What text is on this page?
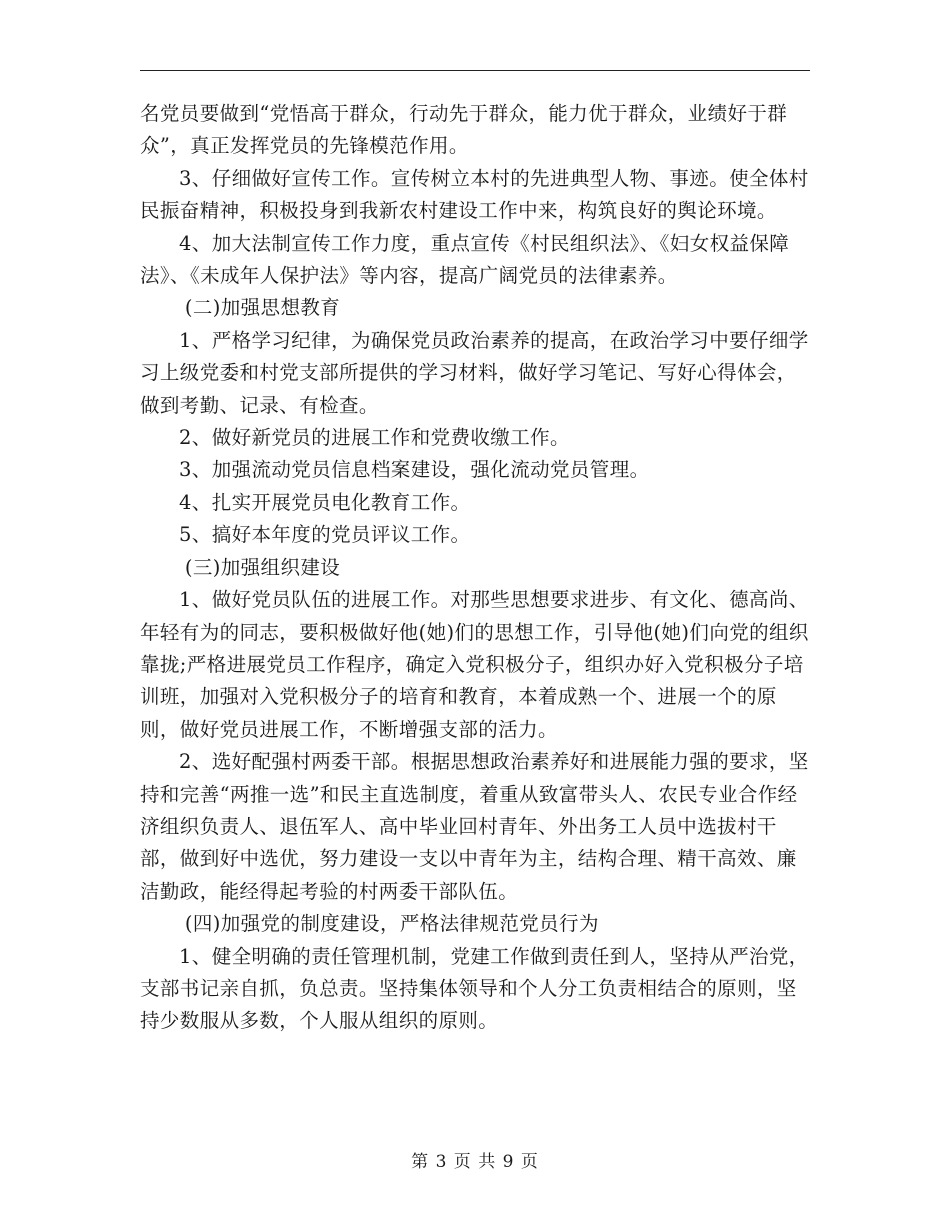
名党员要做到“党悟高于群众，行动先于群众，能力优于群众，业绩好于群众”，真正发挥党员的先锋模范作用。

3、仔细做好宣传工作。宣传树立本村的先进典型人物、事迹。使全体村民振奋精神，积极投身到我新农村建设工作中来，构筑良好的舆论环境。

4、加大法制宣传工作力度，重点宣传《村民组织法》、《妇女权益保障法》、《未成年人保护法》等内容，提高广阔党员的法律素养。

(二)加强思想教育

1、严格学习纪律，为确保党员政治素养的提高，在政治学习中要仔细学习上级党委和村党支部所提供的学习材料，做好学习笔记、写好心得体会，做到考勤、记录、有检查。

2、做好新党员的进展工作和党费收缴工作。

3、加强流动党员信息档案建设，强化流动党员管理。

4、扎实开展党员电化教育工作。

5、搞好本年度的党员评议工作。

(三)加强组织建设

1、做好党员队伍的进展工作。对那些思想要求进步、有文化、德高尚、年轻有为的同志，要积极做好他(她)们的思想工作，引导他(她)们向党的组织靠拢;严格进展党员工作程序，确定入党积极分子，组织办好入党积极分子培训班，加强对入党积极分子的培育和教育，本着成熟一个、进展一个的原则，做好党员进展工作，不断增强支部的活力。

2、选好配强村两委干部。根据思想政治素养好和进展能力强的要求，坚持和完善“两推一选”和民主直选制度，着重从致富带头人、农民专业合作经济组织负责人、退伍军人、高中毕业回村青年、外出务工人员中选拔村干部，做到好中选优，努力建设一支以中青年为主，结构合理、精干高效、廉洁勤政，能经得起考验的村两委干部队伍。

(四)加强党的制度建设，严格法律规范党员行为

1、健全明确的责任管理机制，党建工作做到责任到人，坚持从严治党，支部书记亲自抓，负总责。坚持集体领导和个人分工负责相结合的原则，坚持少数服从多数，个人服从组织的原则。

第 3 页 共 9 页
